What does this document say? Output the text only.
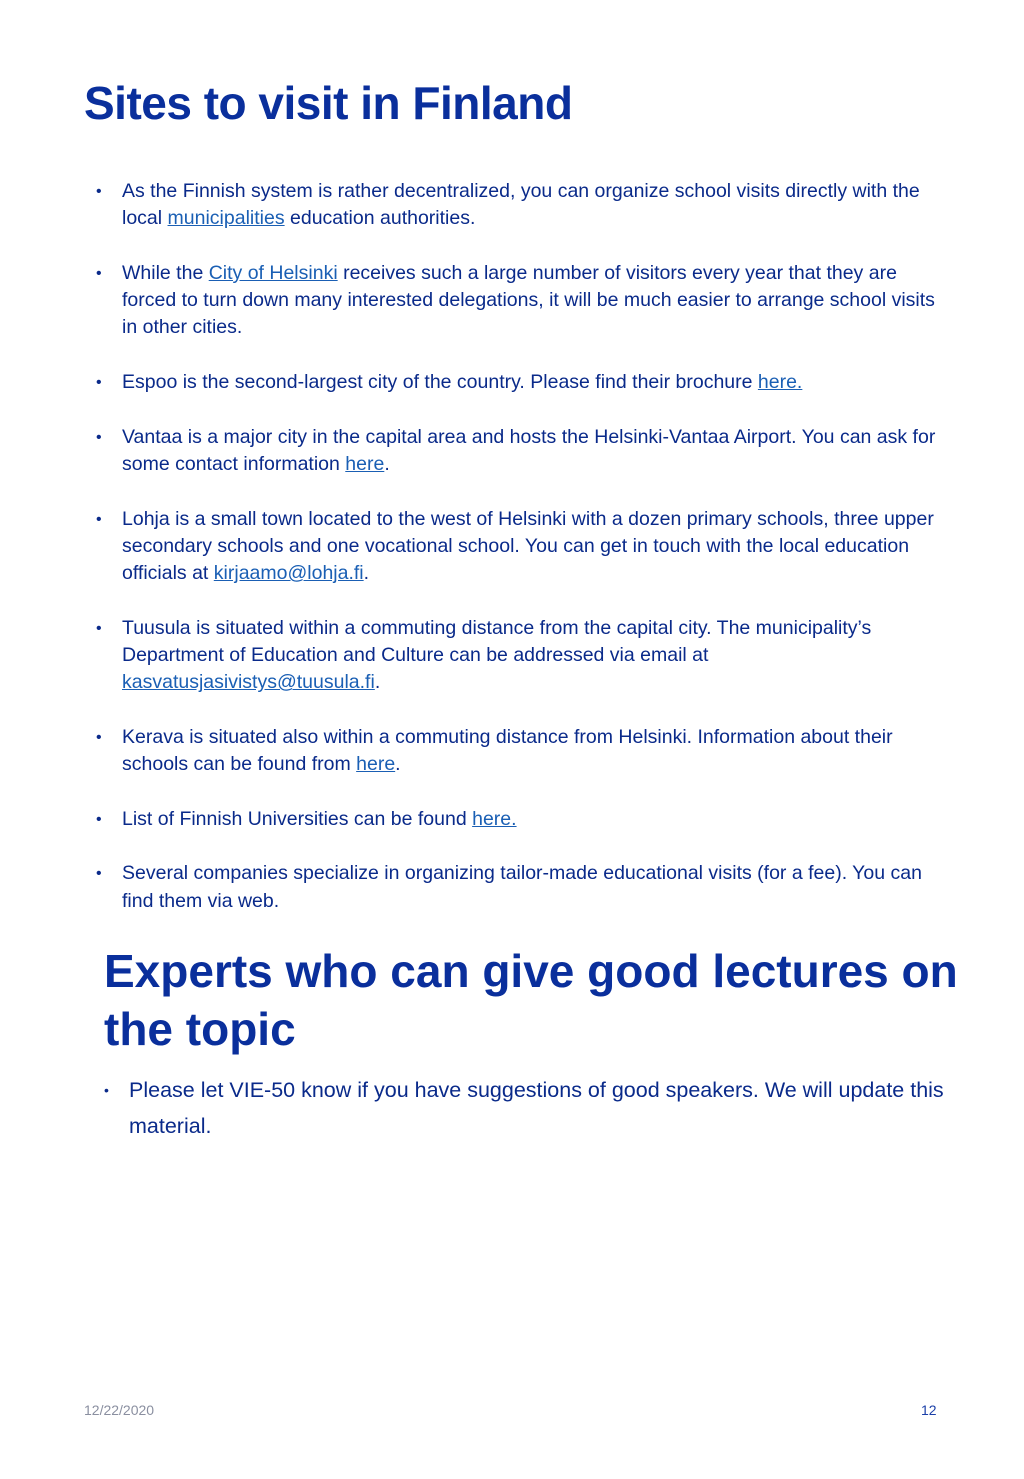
Sites to visit in Finland
• As the Finnish system is rather decentralized, you can organize school visits directly with the local municipalities education authorities.
• While the City of Helsinki receives such a large number of visitors every year that they are forced to turn down many interested delegations, it will be much easier to arrange school visits in other cities.
• Espoo is the second-largest city of the country. Please find their brochure here.
• Vantaa is a major city in the capital area and hosts the Helsinki-Vantaa Airport. You can ask for some contact information here.
• Lohja is a small town located to the west of Helsinki with a dozen primary schools, three upper secondary schools and one vocational school. You can get in touch with the local education officials at kirjaamo@lohja.fi.
• Tuusula is situated within a commuting distance from the capital city. The municipality’s Department of Education and Culture can be addressed via email at kasvatusjasivistys@tuusula.fi.
• Kerava is situated also within a commuting distance from Helsinki. Information about their schools can be found from here.
• List of Finnish Universities can be found here.
• Several companies specialize in organizing tailor-made educational visits (for a fee). You can find them via web.
Experts who can give good lectures on the topic
• Please let VIE-50 know if you have suggestions of good speakers. We will update this material.
12/22/2020	12
